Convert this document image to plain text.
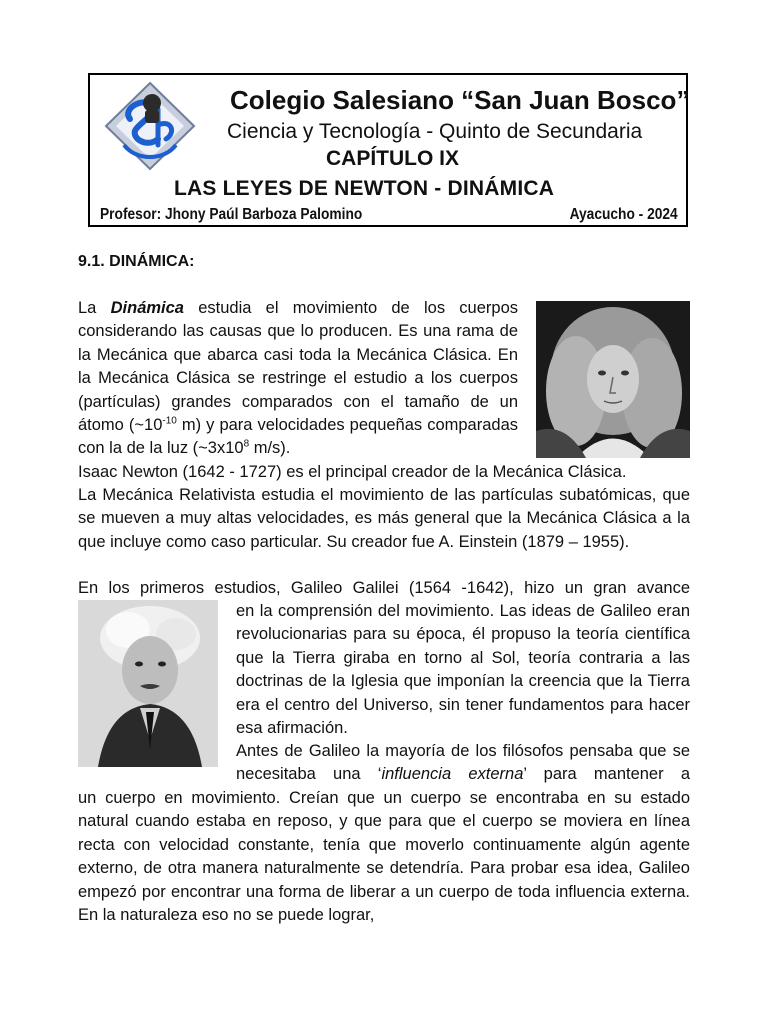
Colegio Salesiano “San Juan Bosco”
Ciencia y Tecnología - Quinto de Secundaria
CAPÍTULO IX
LAS LEYES DE NEWTON - DINÁMICA
Profesor: Jhony Paúl Barboza Palomino	Ayacucho - 2024
9.1. DINÁMICA:

La Dinámica estudia el movimiento de los cuerpos considerando las causas que lo producen. Es una rama de la Mecánica que abarca casi toda la Mecánica Clásica. En la Mecánica Clásica se restringe el estudio a los cuerpos (partículas) grandes comparados con el tamaño de un átomo ($\sim 10^{-10}$ m) y para velocidades pequeñas comparadas con la de la luz ($\sim 3x10^8$ m/s).

Isaac Newton (1642 - 1727) es el principal creador de la Mecánica Clásica.

La Mecánica Relativista estudia el movimiento de las partículas subatómicas, que se mueven a muy altas velocidades, es más general que la Mecánica Clásica a la que incluye como caso particular. Su creador fue A. Einstein (1879 – 1955).

En los primeros estudios, Galileo Galilei (1564 -1642), hizo un gran avance

en la comprensión del movimiento. Las ideas de Galileo eran revolucionarias para su época, él propuso la teoría científica que la Tierra giraba en torno al Sol, teoría contraria a las doctrinas de la Iglesia que imponían la creencia que la Tierra era el centro del Universo, sin tener fundamentos para hacer esa afirmación.

Antes de Galileo la mayoría de los filósofos pensaba que se necesitaba una ‘influencia externa’ para mantener a

un cuerpo en movimiento. Creían que un cuerpo se encontraba en su estado natural cuando estaba en reposo, y que para que el cuerpo se moviera en línea recta con velocidad constante, tenía que moverlo continuamente algún agente externo, de otra manera naturalmente se detendría. Para probar esa idea, Galileo empezó por encontrar una forma de liberar a un cuerpo de toda influencia externa. En la naturaleza eso no se puede lograr,
